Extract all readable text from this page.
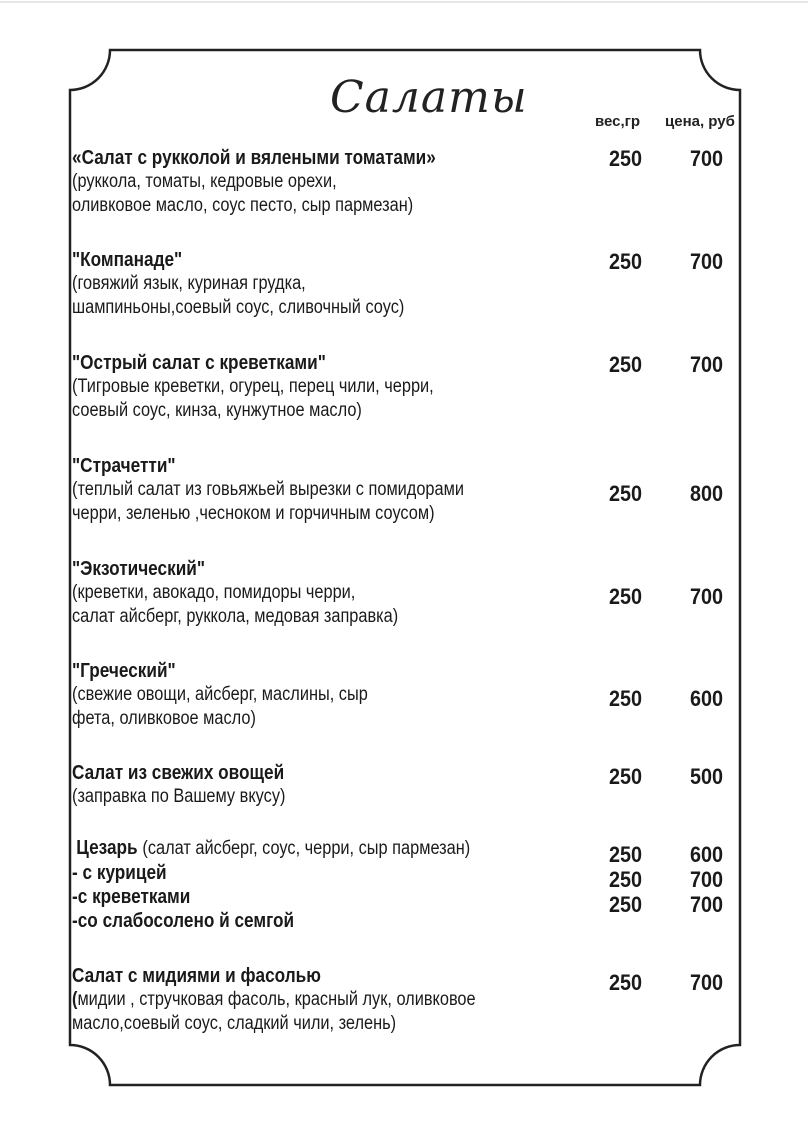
Салаты	вес,гр цена, руб
«Салат с рукколой и вялеными томатами»
(руккола, томаты, кедровые орехи,
оливковое масло, соус песто, сыр пармезан)
250 700
"Компанаде"
(говяжий язык, куриная грудка,
шампиньоны,соевый соус, сливочный соус)
250 700
"Острый салат с креветками"
(Тигровые креветки, огурец, перец чили, черри,
соевый соус, кинза, кунжутное масло)
250 700
"Страчетти"
(теплый салат из говьяжьей вырезки с помидорами
черри, зеленью ,чесноком и горчичным соусом)
250 800
"Экзотический"
(креветки, авокадо, помидоры черри,
салат айсберг, руккола, медовая заправка)
250 700
"Греческий"
(свежие овощи, айсберг, маслины, сыр
фета, оливковое масло)
250 600
Салат из свежих овощей
(заправка по Вашему вкусу)
250 500
Цезарь (салат айсберг, соус, черри, сыр пармезан)
- с курицей
-с креветками
-со слабосолено й семгой
250 600
250 700
250 700
Салат с мидиями и фасолью
(мидии , стручковая фасоль, красный лук, оливковое
масло,соевый соус, сладкий чили, зелень)
250 700
